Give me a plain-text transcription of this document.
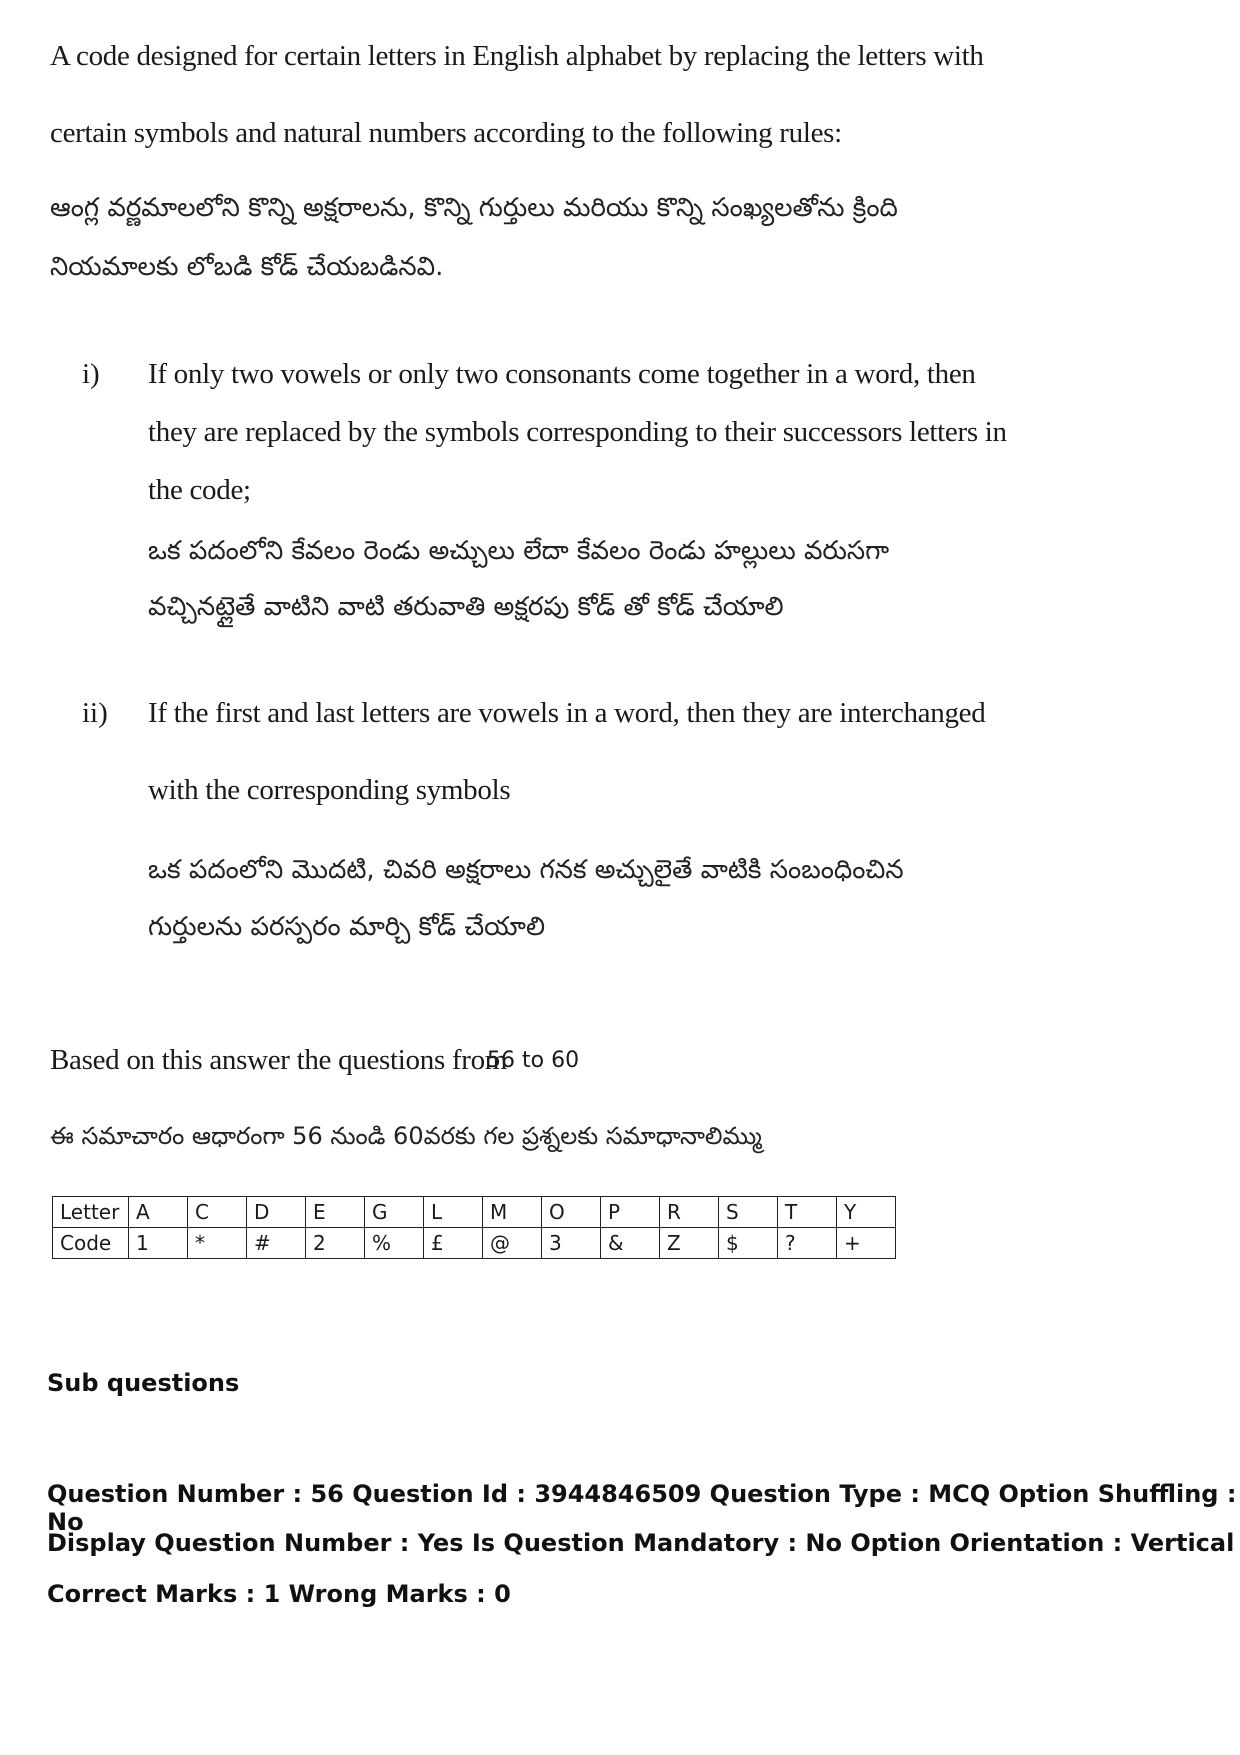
A code designed for certain letters in English alphabet by replacing the letters with
certain symbols and natural numbers according to the following rules:
ఆంగ్ల వర్ణమాలలోని కొన్ని అక్షరాలను, కొన్ని గుర్తులు మరియు కొన్ని సంఖ్యలతోను క్రింది
నియమాలకు లోబడి కోడ్ చేయబడినవి.
i) If only two vowels or only two consonants come together in a word, then
they are replaced by the symbols corresponding to their successors letters in
the code;
ఒక పదంలోని కేవలం రెండు అచ్చులు లేదా కేవలం రెండు హల్లులు వరుసగా
వచ్చినట్లైతే వాటిని వాటి తరువాతి అక్షరపు కోడ్ తో కోడ్ చేయాలి
ii) If the first and last letters are vowels in a word, then they are interchanged
with the corresponding symbols
ఒక పదంలోని మొదటి, చివరి అక్షరాలు గనక అచ్చులైతే వాటికి సంబంధించిన
గుర్తులను పరస్పరం మార్చి కోడ్ చేయాలి
Based on this answer the questions from
56 to 60
ఈ సమాచారం ఆధారంగా 56 నుండి 60వరకు గల ప్రశ్నలకు సమాధానాలిమ్ము
Letter	A	C	D	E	G	L	M	O	P	R	S	T	Y
Code	1	*	#	2	%	£	@	3	&	Z	$	?	+
Sub questions
Question Number : 56 Question Id : 3944846509 Question Type : MCQ Option Shuffling : No
Display Question Number : Yes Is Question Mandatory : No Option Orientation : Vertical
Correct Marks : 1 Wrong Marks : 0
